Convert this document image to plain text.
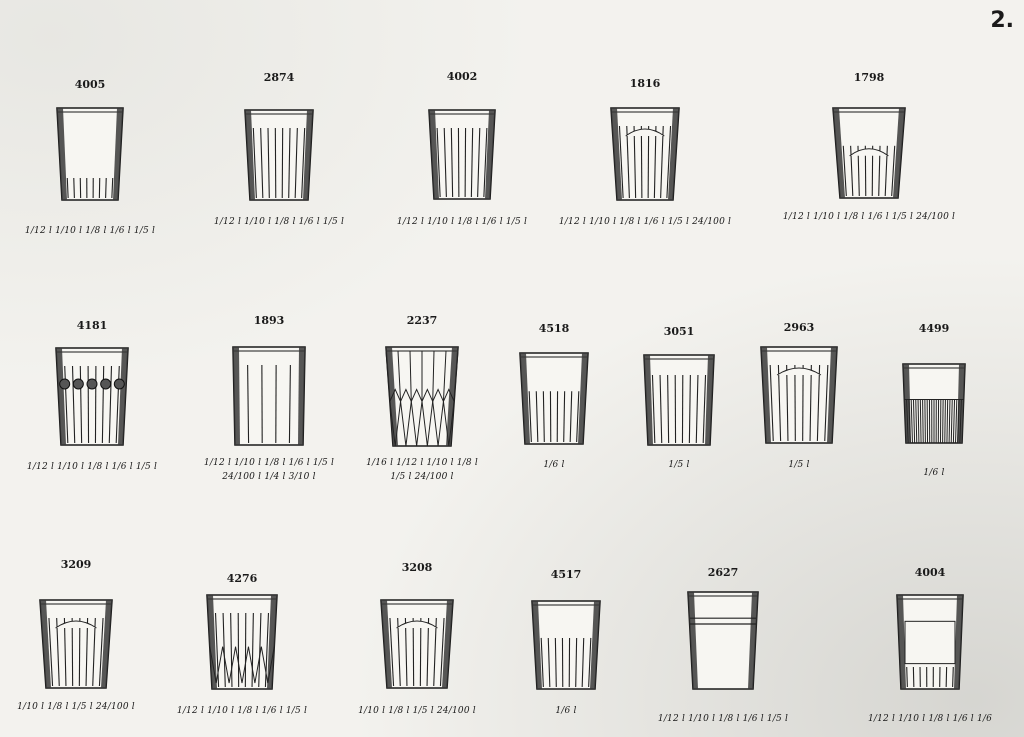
2.
4005
1/12 l 1/10 l 1/8 l 1/6 l 1/5 l
2874
1/12 l 1/10 l 1/8 l 1/6 l 1/5 l
4002
1/12 l 1/10 l 1/8 l 1/6 l 1/5 l
1816
1/12 l 1/10 l 1/8 l 1/6 l 1/5 l 24/100 l
1798
1/12 l 1/10 l 1/8 l 1/6 l 1/5 l 24/100 l
4181
1/12 l 1/10 l 1/8 l 1/6 l 1/5 l
1893
1/12 l 1/10 l 1/8 l 1/6 l 1/5 l
24/100 l 1/4 l 3/10 l
2237
1/16 l 1/12 l 1/10 l 1/8 l
1/5 l 24/100 l
4518
1/6 l
3051
1/5 l
2963
1/5 l
4499
1/6 l
3209
1/10 l 1/8 l 1/5 l 24/100 l
4276
1/12 l 1/10 l 1/8 l 1/6 l 1/5 l
3208
1/10 l 1/8 l 1/5 l 24/100 l
4517
1/6 l
2627
1/12 l 1/10 l 1/8 l 1/6 l 1/5 l
4004
1/12 l 1/10 l 1/8 l 1/6 l 1/6
